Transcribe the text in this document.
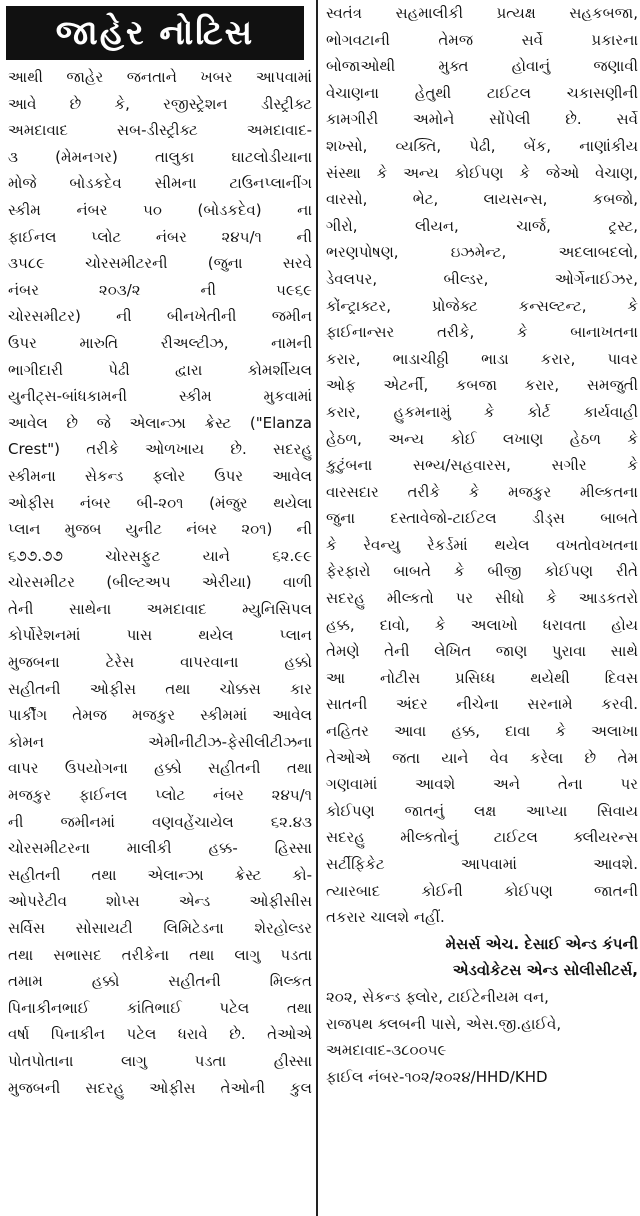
જાહેર નોટિસ
આથી જાહેર જનતાને ખબર આપવામાં
આવે છે કે, રજીસ્ટ્રેશન ડીસ્ટ્રીક્ટ
અમદાવાદ સબ-ડીસ્ટ્રીક્ટ અમદાવાદ-
૩ (મેમનગર) તાલુકા ઘાટલોડીયાના
મોજે બોડકદેવ સીમના ટાઉનપ્લાનીંગ
સ્કીમ નંબર ૫૦ (બોડકદેવ) ના
ફાઈનલ પ્લોટ નંબર ૨૪૫/૧ ની
૩૫૮૯ ચોરસમીટરની (જુના સરવે
નંબર ૨૦૩/૨ ની ૫૯૬૯
ચોરસમીટર) ની બીનખેતીની જમીન
ઉપર મારુતિ રીઅલ્ટીઝ, નામની
ભાગીદારી પેઢી દ્વારા કોમર્શીયલ
યુનીટ્સ-બાંધકામની સ્કીમ મુકવામાં
આવેલ છે જે એલાન્ઝા ક્રેસ્ટ ("Elanza
Crest") તરીકે ઓળખાય છે. સદરહુ
સ્કીમના સેકન્ડ ફ્લોર ઉપર આવેલ
ઓફીસ નંબર બી-૨૦૧ (મંજુર થયેલા
પ્લાન મુજબ યુનીટ નંબર ૨૦૧) ની
૬૭૭.૭૭ ચોરસફુટ યાને ૬૨.૯૯
ચોરસમીટર (બીલ્ટઅપ એરીયા) વાળી
તેની સાથેના અમદાવાદ મ્યુનિસિપલ
કોર્પોરેશનમાં પાસ થયેલ પ્લાન
મુજબના ટેરેસ વાપરવાના હક્કો
સહીતની ઓફીસ તથા ચોક્કસ કાર
પાર્કીંગ તેમજ મજકુર સ્કીમમાં આવેલ
કોમન એમીનીટીઝ-ફેસીલીટીઝના
વાપર ઉપયોગના હક્કો સહીતની તથા
મજકુર ફાઈનલ પ્લોટ નંબર ૨૪૫/૧
ની જમીનમાં વણવહેંચાયેલ ૬૨.૪૩
ચોરસમીટરના માલીકી હક્ક- હિસ્સા
સહીતની તથા એલાન્ઝા ક્રેસ્ટ કો-
ઓપરેટીવ શોપ્સ એન્ડ ઓફીસીસ
સર્વિસ સોસાયટી લિમિટેડના શેરહોલ્ડર
તથા સભાસદ તરીકેના તથા લાગુ પડતા
તમામ હક્કો સહીતની મિલ્કત
પિનાકીનભાઈ કાંતિભાઈ પટેલ તથા
વર્ષા પિનાકીન પટેલ ધરાવે છે. તેઓએ
પોતપોતાના લાગુ પડતા હીસ્સા
મુજબની સદરહુ ઓફીસ તેઓની કુલ
સ્વતંત્ર સહમાલીકી પ્રત્યક્ષ સહકબજા,
ભોગવટાની તેમજ સર્વે પ્રકારના
બોજાઓથી મુક્ત હોવાનું જણાવી
વેચાણના હેતુથી ટાઈટલ ચકાસણીની
કામગીરી અમોને સોંપેલી છે. સર્વે
શખ્સો, વ્યક્તિ, પેઢી, બેંક, નાણાંકીય
સંસ્થા કે અન્ય કોઈપણ કે જેઓ વેચાણ,
વારસો, ભેટ, લાયસન્સ, કબજો,
ગીરો, લીયન, ચાર્જ, ટ્રસ્ટ,
ભરણપોષણ, ઇઝમેન્ટ, અદલાબદલો,
ડેવલપર, બીલ્ડર, ઓર્ગેનાઈઝર,
કોંન્ટ્રાક્ટર, પ્રોજેક્ટ કન્સલ્ટન્ટ, કે
ફાઈનાન્સર તરીકે, કે બાનાખતના
કરાર, ભાડાચીઠ્ઠી ભાડા કરાર, પાવર
ઓફ એટર્ની, કબજા કરાર, સમજુતી
કરાર, હુકમનામું કે કોર્ટ કાર્યવાહી
હેઠળ, અન્ય કોઈ લખાણ હેઠળ કે
કુટુંબના સભ્ય/સહવારસ, સગીર કે
વારસદાર તરીકે કે મજકુર મીલ્કતના
જુના દસ્તાવેજો-ટાઈટલ ડીડ્સ બાબતે
કે રેવન્યુ રેકર્ડમાં થયેલ વખતોવખતના
ફેરફારો બાબતે કે બીજી કોઈપણ રીતે
સદરહુ મીલ્કતો પર સીધો કે આડકતરો
હક્ક, દાવો, કે અલાખો ધરાવતા હોય
તેમણે તેની લેખિત જાણ પુરાવા સાથે
આ નોટીસ પ્રસિધ્ધ થયેથી દિવસ
સાતની અંદર નીચેના સરનામે કરવી.
નહિતર આવા હક્ક, દાવા કે અલાખા
તેઓએ જતા યાને વેવ કરેલા છે તેમ
ગણવામાં આવશે અને તેના પર
કોઈપણ જાતનું લક્ષ આપ્યા સિવાય
સદરહુ મીલ્કતોનું ટાઈટલ ક્લીયરન્સ
સર્ટીફિકેટ આપવામાં આવશે.
ત્યારબાદ કોઈની કોઈપણ જાતની
તકરાર ચાલશે નહીં.
મેસર્સ એચ. દેસાઈ એન્ડ કંપની
એડવોકેટસ એન્ડ સોલીસીટર્સ,
૨૦૨, સેકન્ડ ફ્લોર, ટાઈટેનીયમ વન,
રાજપથ ક્લબની પાસે, એસ.જી.હાઈવે,
અમદાવાદ-૩૮૦૦૫૯
ફાઈલ નંબર-૧૦૨/૨૦૨૪/HHD/KHD
